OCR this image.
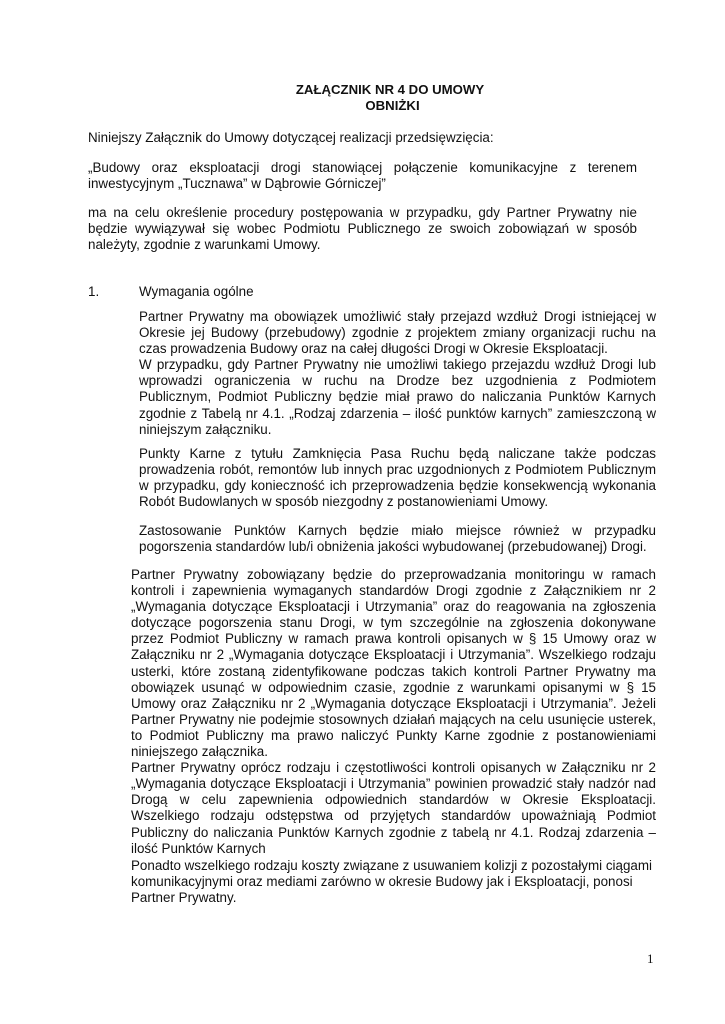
ZAŁĄCZNIK NR 4 DO UMOWY
OBNIŻKI
Niniejszy Załącznik do Umowy dotyczącej realizacji przedsięwzięcia:
„Budowy oraz eksploatacji drogi stanowiącej połączenie komunikacyjne z terenem inwestycyjnym „Tucznawa” w Dąbrowie Górniczej”
ma na celu określenie procedury postępowania w przypadku, gdy Partner Prywatny nie będzie wywiązywał się wobec Podmiotu Publicznego ze swoich zobowiązań w sposób należyty, zgodnie z warunkami Umowy.
1.	Wymagania ogólne
Partner Prywatny ma obowiązek umożliwić stały przejazd wzdłuż Drogi istniejącej w Okresie jej Budowy (przebudowy) zgodnie z projektem zmiany organizacji ruchu na czas prowadzenia Budowy oraz na całej długości Drogi w Okresie Eksploatacji.
W przypadku, gdy Partner Prywatny nie umożliwi takiego przejazdu wzdłuż Drogi lub wprowadzi ograniczenia w ruchu na Drodze bez uzgodnienia z Podmiotem Publicznym, Podmiot Publiczny będzie miał prawo do naliczania Punktów Karnych zgodnie z Tabelą nr 4.1. „Rodzaj zdarzenia – ilość punktów karnych” zamieszczoną w niniejszym załączniku.
Punkty Karne z tytułu Zamknięcia Pasa Ruchu będą naliczane także podczas prowadzenia robót, remontów lub innych prac uzgodnionych z Podmiotem Publicznym w przypadku, gdy konieczność ich przeprowadzenia będzie konsekwencją wykonania Robót Budowlanych w sposób niezgodny z postanowieniami Umowy.
Zastosowanie Punktów Karnych będzie miało miejsce również w przypadku pogorszenia standardów lub/i obniżenia jakości wybudowanej (przebudowanej) Drogi.
Partner Prywatny zobowiązany będzie do przeprowadzania monitoringu w ramach kontroli i zapewnienia wymaganych standardów Drogi zgodnie z Załącznikiem nr 2 „Wymagania dotyczące Eksploatacji i Utrzymania” oraz do reagowania na zgłoszenia dotyczące pogorszenia stanu Drogi, w tym szczególnie na zgłoszenia dokonywane przez Podmiot Publiczny w ramach prawa kontroli opisanych w § 15 Umowy oraz w Załączniku nr 2 „Wymagania dotyczące Eksploatacji i Utrzymania”. Wszelkiego rodzaju usterki, które zostaną zidentyfikowane podczas takich kontroli Partner Prywatny ma obowiązek usunąć w odpowiednim czasie, zgodnie z warunkami opisanymi w § 15 Umowy oraz Załączniku nr 2 „Wymagania dotyczące Eksploatacji i Utrzymania”. Jeżeli Partner Prywatny nie podejmie stosownych działań mających na celu usunięcie usterek, to Podmiot Publiczny ma prawo naliczyć Punkty Karne zgodnie z postanowieniami niniejszego załącznika.
Partner Prywatny oprócz rodzaju i częstotliwości kontroli opisanych w Załączniku nr 2 „Wymagania dotyczące Eksploatacji i Utrzymania” powinien prowadzić stały nadzór nad Drogą w celu zapewnienia odpowiednich standardów w Okresie Eksploatacji. Wszelkiego rodzaju odstępstwa od przyjętych standardów upoważniają Podmiot Publiczny do naliczania Punktów Karnych zgodnie z tabelą nr 4.1. Rodzaj zdarzenia – ilość Punktów Karnych
Ponadto wszelkiego rodzaju koszty związane z usuwaniem kolizji z pozostałymi ciągami komunikacyjnymi oraz mediami zarówno w okresie Budowy jak i Eksploatacji, ponosi Partner Prywatny.
1
